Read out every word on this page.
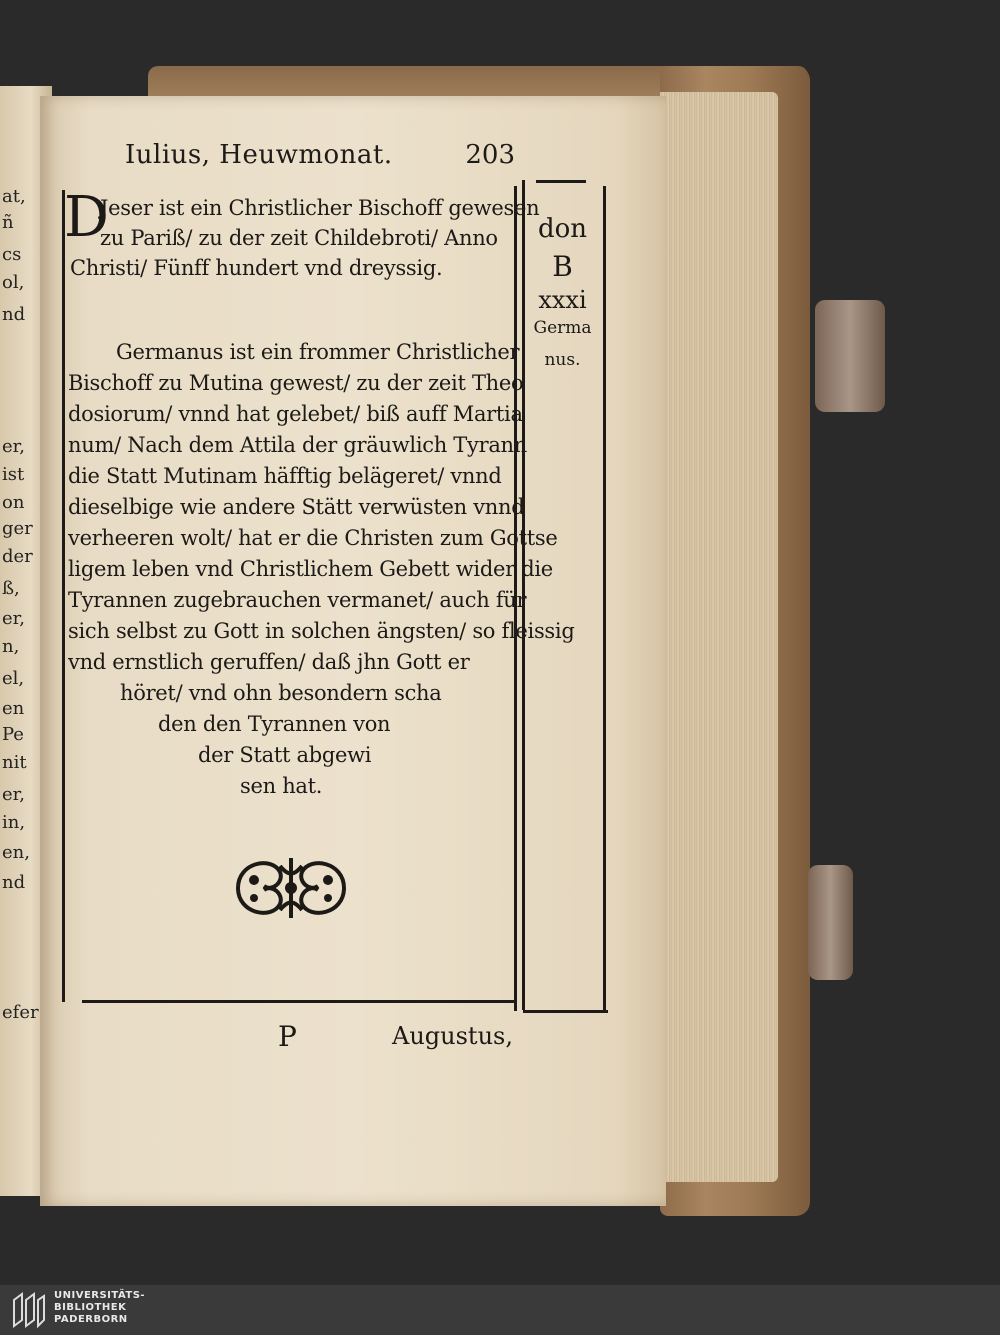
at,
ñ
cs
ol,
nd
er,
ist
on
ger
der
ß,
er,
n,
el,
en
Pe
nit
er,
in,
en,
nd
efer
Iulius, Heuwmonat.	203
D
Jeser ist ein Christlicher Bischoff gewesen
zu Pariß/ zu der zeit Childebroti/ Anno
Christi/ Fünff hundert vnd dreyssig.
Germanus ist ein frommer Christlicher
Bischoff zu Mutina gewest/ zu der zeit Theo
dosiorum/ vnnd hat gelebet/ biß auff Martia
num/ Nach dem Attila der gräuwlich Tyrann
die Statt Mutinam häfftig belägeret/ vnnd
dieselbige wie andere Stätt verwüsten vnnd
verheeren wolt/ hat er die Christen zum Gottse
ligem leben vnd Christlichem Gebett wider die
Tyrannen zugebrauchen vermanet/ auch für
sich selbst zu Gott in solchen ängsten/ so fleissig
vnd ernstlich geruffen/ daß jhn Gott er
höret/ vnd ohn besondern scha
den den Tyrannen von
der Statt abgewi
sen hat.
don
B
xxxi
Germa
nus.
P	Augustus,
UNIVERSITÄTS-
BIBLIOTHEK
PADERBORN
